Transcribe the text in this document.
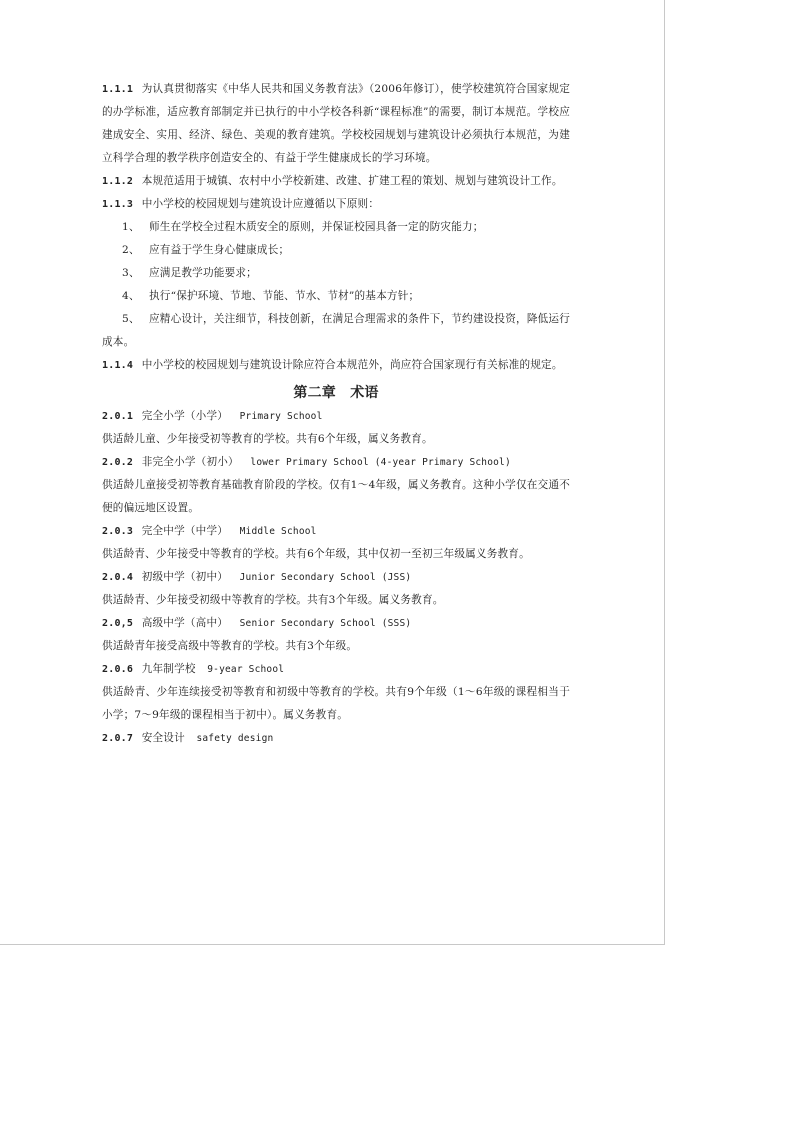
1.1.1 为认真贯彻落实《中华人民共和国义务教育法》（2006年修订），使学校建筑符合国家规定的办学标准，适应教育部制定并已执行的中小学校各科新“课程标准”的需要，制订本规范。学校应建成安全、实用、经济、绿色、美观的教育建筑。学校校园规划与建筑设计必须执行本规范，为建立科学合理的教学秩序创造安全的、有益于学生健康成长的学习环境。

1.1.2 本规范适用于城镇、农村中小学校新建、改建、扩建工程的策划、规划与建筑设计工作。

1.1.3 中小学校的校园规划与建筑设计应遵循以下原则：

1、 师生在学校全过程木质安全的原则，并保证校园具备一定的防灾能力；

2、 应有益于学生身心健康成长；

3、 应满足教学功能要求；

4、 执行“保护环境、节地、节能、节水、节材”的基本方针；

5、 应精心设计，关注细节，科技创新，在满足合理需求的条件下，节约建设投资，降低运行成本。

1.1.4 中小学校的校园规划与建筑设计除应符合本规范外，尚应符合国家现行有关标准的规定。

第二章　术语

2.0.1 完全小学（小学） Primary School

供适龄儿童、少年接受初等教育的学校。共有6个年级，属义务教育。

2.0.2 非完全小学（初小） lower Primary School (4-year Primary School)

供适龄儿童接受初等教育基础教育阶段的学校。仅有1～4年级，属义务教育。这种小学仅在交通不便的偏远地区设置。

2.0.3 完全中学（中学） Middle School

供适龄青、少年接受中等教育的学校。共有6个年级，其中仅初一至初三年级属义务教育。

2.0.4 初级中学（初中） Junior Secondary School (JSS)

供适龄青、少年接受初级中等教育的学校。共有3个年级。属义务教育。

2.0,5 高级中学（高中） Senior Secondary School (SSS)

供适龄青年接受高级中等教育的学校。共有3个年级。

2.0.6 九年制学校 9-year School

供适龄青、少年连续接受初等教育和初级中等教育的学校。共有9个年级（1～6年级的课程相当于小学；7～9年级的课程相当于初中）。属义务教育。

2.0.7 安全设计 safety design
